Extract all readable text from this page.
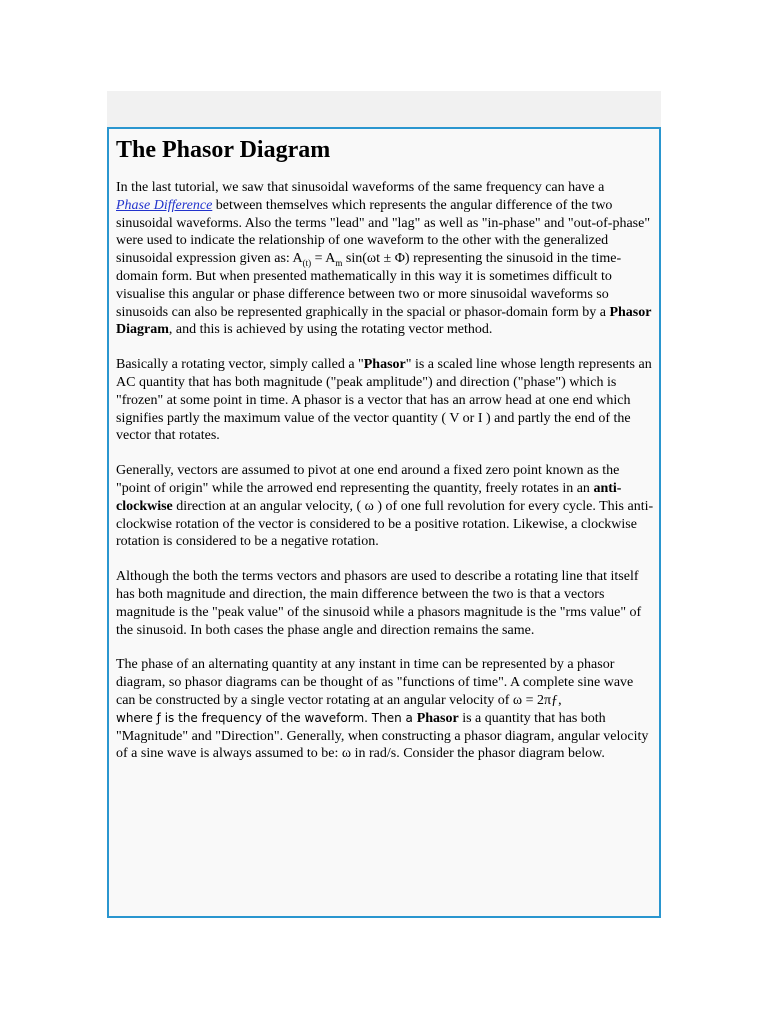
The Phasor Diagram

In the last tutorial, we saw that sinusoidal waveforms of the same frequency can have a
Phase Difference between themselves which represents the angular difference of the two sinusoidal waveforms. Also the terms "lead" and "lag" as well as "in-phase" and "out-of-phase" were used to indicate the relationship of one waveform to the other with the generalized sinusoidal expression given as: $A_{(t)} = A_m$ sin(ωt ± Φ) representing the sinusoid in the time-domain form. But when presented mathematically in this way it is sometimes difficult to visualise this angular or phase difference between two or more sinusoidal waveforms so sinusoids can also be represented graphically in the spacial or phasor-domain form by a Phasor Diagram, and this is achieved by using the rotating vector method.

Basically a rotating vector, simply called a "Phasor" is a scaled line whose length represents an AC quantity that has both magnitude ("peak amplitude") and direction ("phase") which is "frozen" at some point in time. A phasor is a vector that has an arrow head at one end which signifies partly the maximum value of the vector quantity ( V or I ) and partly the end of the vector that rotates.

Generally, vectors are assumed to pivot at one end around a fixed zero point known as the "point of origin" while the arrowed end representing the quantity, freely rotates in an anti-clockwise direction at an angular velocity, ( ω ) of one full revolution for every cycle. This anti-clockwise rotation of the vector is considered to be a positive rotation. Likewise, a clockwise rotation is considered to be a negative rotation.

Although the both the terms vectors and phasors are used to describe a rotating line that itself has both magnitude and direction, the main difference between the two is that a vectors magnitude is the "peak value" of the sinusoid while a phasors magnitude is the "rms value" of the sinusoid. In both cases the phase angle and direction remains the same.

The phase of an alternating quantity at any instant in time can be represented by a phasor diagram, so phasor diagrams can be thought of as "functions of time". A complete sine wave can be constructed by a single vector rotating at an angular velocity of ω = 2πƒ,
where ƒ is the frequency of the waveform. Then a Phasor is a quantity that has both "Magnitude" and "Direction". Generally, when constructing a phasor diagram, angular velocity of a sine wave is always assumed to be: ω in rad/s. Consider the phasor diagram below.
